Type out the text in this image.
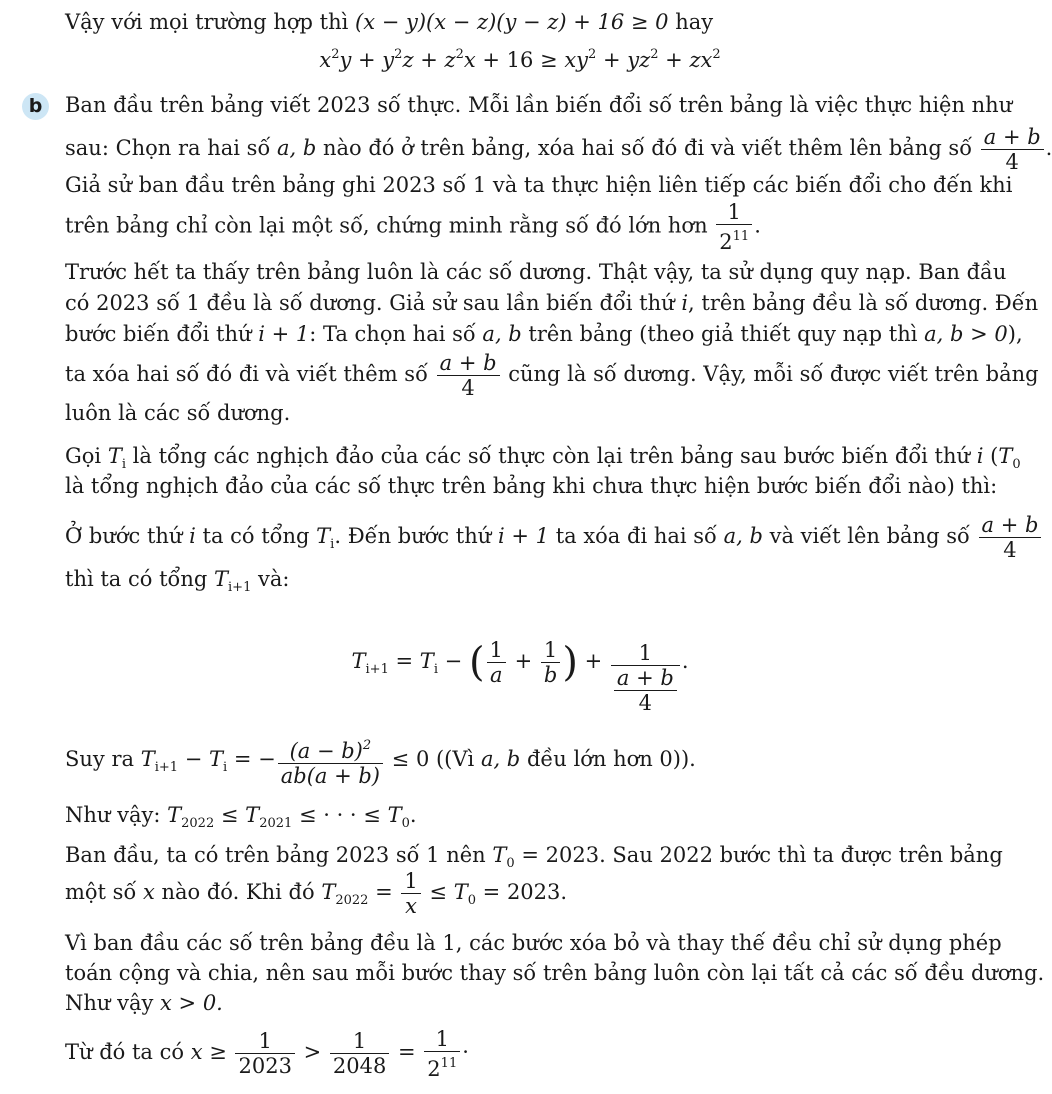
Vậy với mọi trường hợp thì (x − y)(x − z)(y − z) + 16 ≥ 0 hay
$x^2y + y^2z + z^2x + 16 \ge xy^2 + yz^2 + zx^2$
b	Ban đầu trên bảng viết 2023 số thực. Mỗi lần biến đổi số trên bảng là việc thực hiện như
sau: Chọn ra hai số a, b nào đó ở trên bảng, xóa hai số đó đi và viết thêm lên bảng số $\frac{a + b}{4}$ .
Giả sử ban đầu trên bảng ghi 2023 số 1 và ta thực hiện liên tiếp các biến đổi cho đến khi
trên bảng chỉ còn lại một số, chứng minh rằng số đó lớn hơn $\frac{1}{2^{11}}$ .
Trước hết ta thấy trên bảng luôn là các số dương. Thật vậy, ta sử dụng quy nạp. Ban đầu
có 2023 số 1 đều là số dương. Giả sử sau lần biến đổi thứ i, trên bảng đều là số dương. Đến
bước biến đổi thứ i + 1: Ta chọn hai số a, b trên bảng (theo giả thiết quy nạp thì a, b > 0),
ta xóa hai số đó đi và viết thêm số $\frac{a + b}{4}$ cũng là số dương. Vậy, mỗi số được viết trên bảng
luôn là các số dương.
Gọi $T_i$ là tổng các nghịch đảo của các số thực còn lại trên bảng sau bước biến đổi thứ i ($T_0$
là tổng nghịch đảo của các số thực trên bảng khi chưa thực hiện bước biến đổi nào) thì:
Ở bước thứ i ta có tổng $T_i$. Đến bước thứ i + 1 ta xóa đi hai số a, b và viết lên bảng số $\frac{a + b}{4}$
thì ta có tổng $T_{i+1}$ và:
$T_{i+1} = T_i$ − ( $\frac{1}{a} + \frac{1}{b}$ ) + $\frac{1}{\frac{a + b}{4}}$ .
Suy ra $T_{i+1} - T_i$ = − $\frac{(a - b)^2}{ab(a + b)} \le 0$ ((Vì a, b đều lớn hơn 0)).
Như vậy: $T_{2022} \le T_{2021}$ ≤ · · · ≤ $T_0$.
Ban đầu, ta có trên bảng 2023 số 1 nên $T_0 = 2023$. Sau 2022 bước thì ta được trên bảng
một số x nào đó. Khi đó $T_{2022} = \frac{1}{x} \le T_0 = 2023$.
Vì ban đầu các số trên bảng đều là 1, các bước xóa bỏ và thay thế đều chỉ sử dụng phép
toán cộng và chia, nên sau mỗi bước thay số trên bảng luôn còn lại tất cả các số đều dương.
Như vậy x > 0.
Từ đó ta có $x \ge \frac{1}{2023} > \frac{1}{2048} = \frac{1}{2^{11}}$ ·
